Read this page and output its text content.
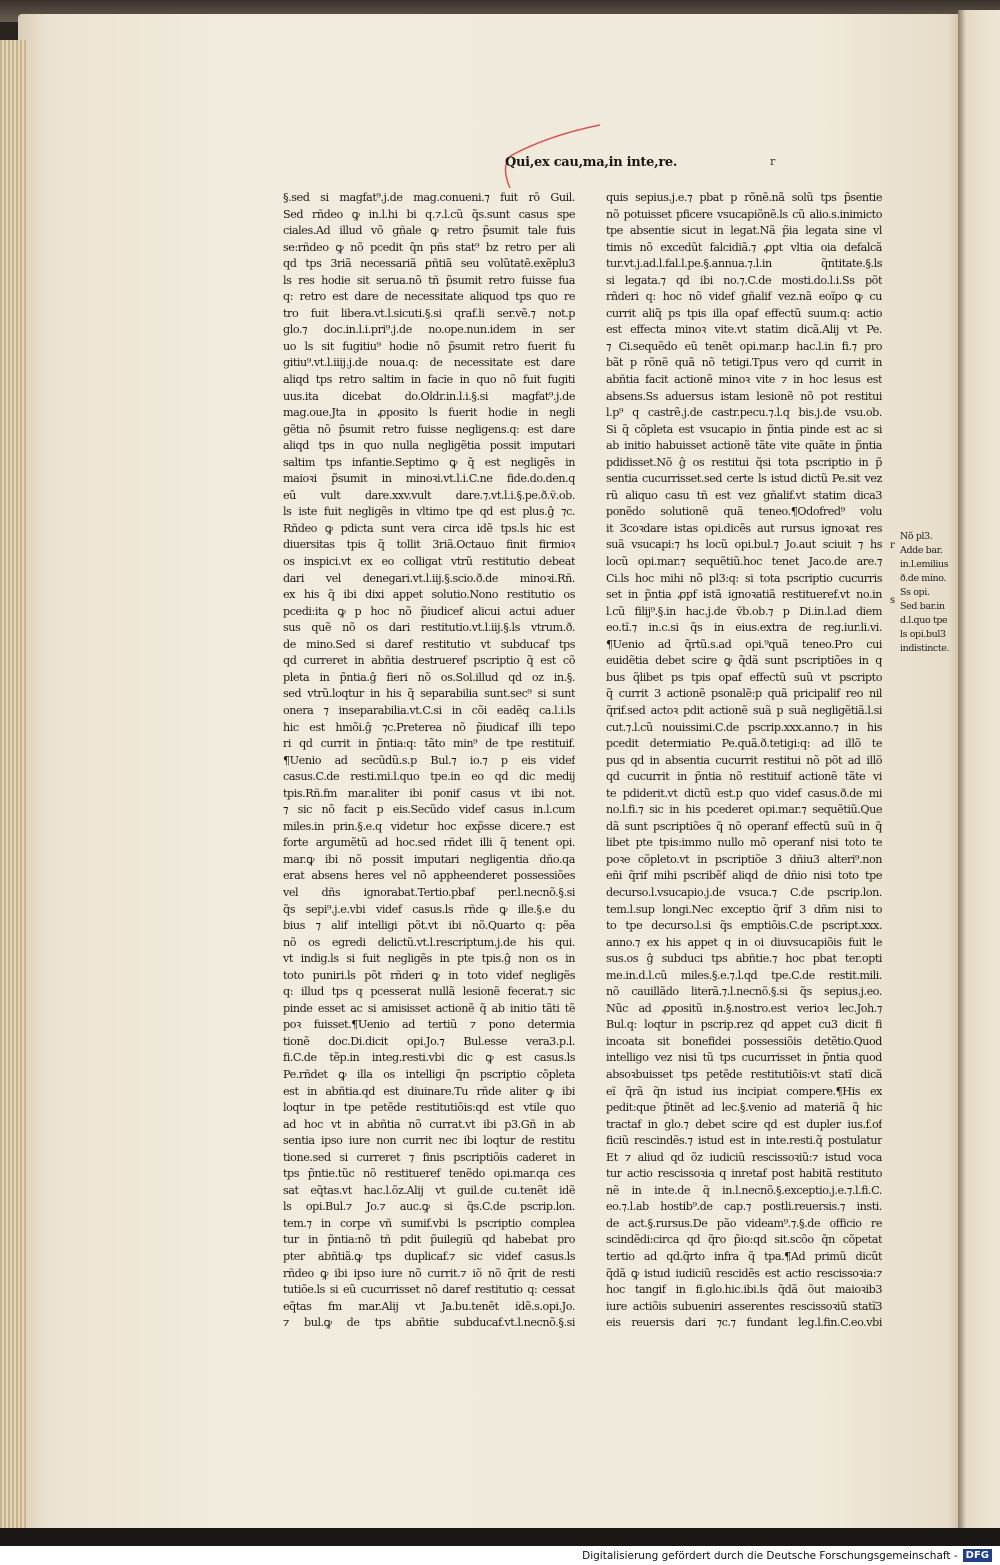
Qui,ex cau,ma,in inte,re.	r
§.sed si magfat⁹.j.de mag.conueni.⁊ fuit rō Guil.
Sed rñdeo ꝙ in.l.hi bi q.⁊.l.cũ q̃s.sunt casus spe
ciales.Ad illud võ gñale ꝙ retro p̃sumit tale fuis
se:rñdeo ꝙ nõ pcedit q̃n pñs stat⁹ bz retro per ali
qd tps 3riã necessariã ꝑñtiã seu volũtatẽ.exẽplu3
ls res hodie sit serua.nõ tñ p̃sumit retro fuisse fua
q: retro est dare de necessitate aliquod tps quo re
tro fuit libera.vt.l.sicuti.§.si qraf.li ser.vẽ.⁊ not.p
glo.⁊ doc.in.l.i.pri⁹.j.de no.ope.nun.idem in ser
uo ls sit fugitiu⁹ hodie nõ p̃sumit retro fuerit fu
gitiu⁹.vt.l.iiij.j.de noua.q: de necessitate est dare
aliqd tps retro saltim in facie in quo nõ fuit fugiti
uus.ita dicebat do.Oldr.in.l.i.§.si magfat⁹.j.de
mag.oue.Jta in ꝓposito ls fuerit hodie in negli
gẽtia nõ p̃sumit retro fuisse negligens.q: est dare
aliqd tps in quo nulla negligẽtia possit imputari
saltim tps infantie.Septimo ꝙ q̃ est negligẽs in
maioꝛi p̃sumit in minoꝛi.vt.l.i.C.ne fide.do.den.q
eũ vult dare.xxv.vult dare.⁊.vt.l.i.§.pe.ð.ṽ.ob.
ls iste fuit negligẽs in vltimo tpe qd est plus.ĝ ⁊c.
Rñdeo ꝙ pdicta sunt vera circa idẽ tps.ls hic est
diuersitas tpis q̃ tollit 3riã.Octauo finit firmioꝛ
os inspici.vt ex eo colligat vtrũ restitutio debeat
dari vel denegari.vt.l.iij.§.scio.ð.de minoꝛi.Rñ.
ex his q̃ ibi dixi appet solutio.Nono restitutio os
pcedi:ita ꝙ p hoc nõ p̃iudicef alicui actui aduer
sus quẽ nõ os dari restitutio.vt.l.iij.§.ls vtrum.ð.
de mino.Sed si daref restitutio vt subducaf tps
qd curreret in abñtia destrueref pscriptio q̃ est cõ
pleta in p̃ntia.ĝ fieri nõ os.Sol.illud qd oz in.§.
sed vtrũ.loqtur in his q̃ separabilia sunt.sec⁹ si sunt
onera ⁊ inseparabilia.vt.C.si in cõi eadẽq ca.l.i.ls
hic est hmõi.ĝ ⁊c.Preterea nõ p̃iudicaf illi tepo
ri qd currit in p̃ntia:q: tãto min⁹ de tpe restituif.
¶Uenio ad secũdũ.s.p Bul.⁊ io.⁊ p eis videf
casus.C.de resti.mi.l.quo tpe.in eo qd dic medij
tpis.Rñ.fm mar.aliter ibi ponif casus vt ibi not.
⁊ sic nõ facit p eis.Secũdo videf casus in.l.cum
miles.in prin.§.e.q videtur hoc exp̃sse dicere.⁊ est
forte argumẽtũ ad hoc.sed rñdet illi q̃ tenent opi.
mar.ꝙ ibi nõ possit imputari negligentia dño.qa
erat absens heres vel nõ appheenderet possessiões
vel dñs ignorabat.Tertio.pbaf per.l.necnõ.§.si
q̃s sepi⁹.j.e.vbi videf casus.ls rñde ꝙ ille.§.e du
bius ⁊ alif intelligi põt.vt ibi nõ.Quarto q: pẽa
nõ os egredi delictũ.vt.l.rescriptum.j.de his qui.
vt indig.ls si fuit negligẽs in pte tpis.ĝ non os in
toto puniri.ls põt rñderi ꝙ in toto videf negligẽs
q: illud tps q pcesserat nullã lesionẽ fecerat.⁊ sic
pinde esset ac si amisisset actionẽ q̃ ab initio tãti tẽ
poꝛ fuisset.¶Uenio ad tertiũ ⁊ pono determia
tionẽ doc.Di.dicit opi.Jo.⁊ Bul.esse vera3.p.l.
fi.C.de tẽp.in integ.resti.vbi dic ꝙ est casus.ls
Pe.rñdet ꝙ illa os intelligi q̃n pscriptio cõpleta
est in abñtia.qd est diuinare.Tu rñde aliter ꝙ ibi
loqtur in tpe petẽde restitutiõis:qd est vtile quo
ad hoc vt in abñtia nõ currat.vt ibi p3.Gñ in ab
sentia ipso iure non currit nec ibi loqtur de restitu
tione.sed si curreret ⁊ finis pscriptiõis caderet in
tps p̃ntie.tũc nõ restitueref tenẽdo opi.mar.qa ces
sat eq̃tas.vt hac.l.õz.Alij vt guil.de cu.tenẽt idẽ
ls opi.Bul.⁊ Jo.⁊ auc.ꝙ si q̃s.C.de pscrip.lon.
tem.⁊ in corpe vñ sumif.vbi ls pscriptio complea
tur in p̃ntia:nõ tñ pdit p̃uilegiũ qd habebat pro
pter abñtiã.ꝙ tps duplicaf.⁊ sic videf casus.ls
rñdeo ꝙ ibi ipso iure nõ currit.⁊ iõ nõ q̃rit de resti
tutiõe.ls si eũ cucurrisset nõ daref restitutio q: cessat
eq̃tas fm mar.Alij vt Ja.bu.tenẽt idẽ.s.opi.Jo.
⁊ bul.ꝙ de tps abñtie subducaf.vt.l.necnõ.§.si
quis sepius.j.e.⁊ pbat p rõnẽ.nã solũ tps p̃sentie
nõ potuisset pficere vsucapiõnẽ.ls cũ alio.s.inimicto
tpe absentie sicut in legat.Nã p̃ia legata sine vl
timis nõ excedũt falcidiã.⁊ ꝓpt vltia oia defalcã
tur.vt.j.ad.l.fal.l.pe.§.annua.⁊.l.in q̃ntitate.§.ls
si legata.⁊ qd ibi no.⁊.C.de mosti.do.l.i.Ss põt
rñderi q: hoc nõ videf gñalif vez.nã eoĩpo ꝙ cu
currit aliq̃ ps tpis illa opaf effectũ suum.q: actio
est effecta minoꝛ vite.vt statim dicã.Alij vt Pe.
⁊ Ci.sequẽdo eũ tenẽt opi.mar.p hac.l.in fi.⁊ pro
bãt p rõnẽ quã nõ tetigi.Tpus vero qd currit in
abñtia facit actionẽ minoꝛ vite ⁊ in hoc lesus est
absens.Ss aduersus istam lesionẽ nõ pot restitui
l.p⁹ q castrẽ.j.de castr.pecu.⁊.l.q bis.j.de vsu.ob.
Si q̃ cõpleta est vsucapio in p̃ntia pinde est ac si
ab initio habuisset actionẽ tãte vite quãte in p̃ntia
pdidisset.Nõ ĝ os restitui q̃si tota pscriptio in p̃
sentia cucurrisset.sed certe ls istud dictũ Pe.sit vez
rũ aliquo casu tñ est vez gñalif.vt statim dica3
ponẽdo solutionẽ quã teneo.¶Odofred⁹ volu
it 3coꝛdare istas opi.dicẽs aut rursus ignoꝛat res
suã vsucapi:⁊ hs locũ opi.bul.⁊ Jo.aut sciuit ⁊ hs
locũ opi.mar.⁊ sequẽtiũ.hoc tenet Jaco.de are.⁊
Ci.ls hoc mihi nõ pl3:q: si tota pscriptio cucurris
set in p̃ntia ꝓpf istã ignoꝛatiã restitueref.vt no.in
l.cũ filij⁹.§.in hac.j.de ṽb.ob.⁊ p Di.in.l.ad diem
eo.tĩ.⁊ in.c.si q̃s in eius.extra de reg.iur.li.vi.
¶Uenio ad q̃rtũ.s.ad opi.⁹quã teneo.Pro cui
euidẽtia debet scire ꝙ q̃dã sunt pscriptiões in q
bus q̃libet ps tpis opaf effectũ suũ vt pscripto
q̃ currit 3 actionẽ psonalẽ:p quã pricipalif reo nil
q̃rif.sed actoꝛ pdit actionẽ suã p suã negligẽtiã.l.si
cut.⁊.l.cũ nouissimi.C.de pscrip.xxx.anno.⁊ in his
pcedit determiatio Pe.quã.ð.tetigi:q: ad illõ te
pus qd in absentia cucurrit restitui nõ põt ad illõ
qd cucurrit in p̃ntia nõ restituif actionẽ tãte vi
te pdiderit.vt dictũ est.p quo videf casus.ð.de mi
no.l.fi.⁊ sic in his pcederet opi.mar.⁊ sequẽtiũ.Que
dã sunt pscriptiões q̃ nõ operanf effectũ suũ in q̃
libet pte tpis:immo nullo mõ operanf nisi toto te
poꝛe cõpleto.vt in pscriptiõe 3 dñiu3 alteri⁹.non
eñi q̃rif mihi pscribẽf aliqd de dñio nisi toto tpe
decurso.l.vsucapio.j.de vsuca.⁊ C.de pscrip.lon.
tem.l.sup longi.Nec exceptio q̃rif 3 dñm nisi to
to tpe decurso.l.si q̃s emptiõis.C.de pscript.xxx.
anno.⁊ ex his appet q in oi diuvsucapiõis fuit le
sus.os ĝ subduci tps abñtie.⁊ hoc pbat ter.opti
me.in.d.l.cũ miles.§.e.⁊.l.qd tpe.C.de restit.mili.
nõ cauillãdo literã.⁊.l.necnõ.§.si q̃s sepius.j.eo.
Nũc ad ꝓpositũ in.§.nostro.est verioꝛ lec.Joh.⁊
Bul.q: loqtur in pscrip.rez qd appet cu3 dicit fi
incoata sit bonefidei possessiõis detẽtio.Quod
intelligo vez nisi tũ tps cucurrisset in p̃ntia quod
absoꝛbuisset tps petẽde restitutiõis:vt statĩ dicã
eĩ q̃rã q̃n istud ius incipiat compere.¶His ex
pedit:que p̃tinẽt ad lec.§.venio ad materiã q̃ hic
tractaf in glo.⁊ debet scire qd est dupler ius.f.of
ficiũ rescindẽs.⁊ istud est in inte.resti.q̃ postulatur
Et ⁊ aliud qd õz iudiciũ rescissoꝛiũ:⁊ istud voca
tur actio rescissoꝛia q inretaf post habitã restituto
nẽ in inte.de q̃ in.l.necnõ.§.exceptio.j.e.⁊.l.fi.C.
eo.⁊.l.ab hostib⁹.de cap.⁊ postli.reuersis.⁊ insti.
de act.§.rursus.De pão videam⁹.⁊.§.de officio re
scindẽdi:circa qd q̃ro p̃io:qd sit.scõo q̃n cõpetat
tertio ad qd.q̃rto infra q̃ tpa.¶Ad primũ dicũt
q̃dã ꝙ istud iudiciũ rescidẽs est actio rescissoꝛia:⁊
hoc tangif in fi.glo.hic.ibi.ls q̃dã õut maioꝛib3
iure actiõis subueniri asserentes rescissoꝛiũ statĩ3
eis reuersis dari ⁊c.⁊ fundant leg.l.fin.C.eo.vbi
r
s
Nõ pl3.
Adde bar.
in.l.emilius
ð.de mino.
Ss opi.
Sed bar.in
d.l.quo tpe
ls opi.bul3
indistincte.
Digitalisierung gefördert durch die Deutsche Forschungsgemeinschaft - DFG
